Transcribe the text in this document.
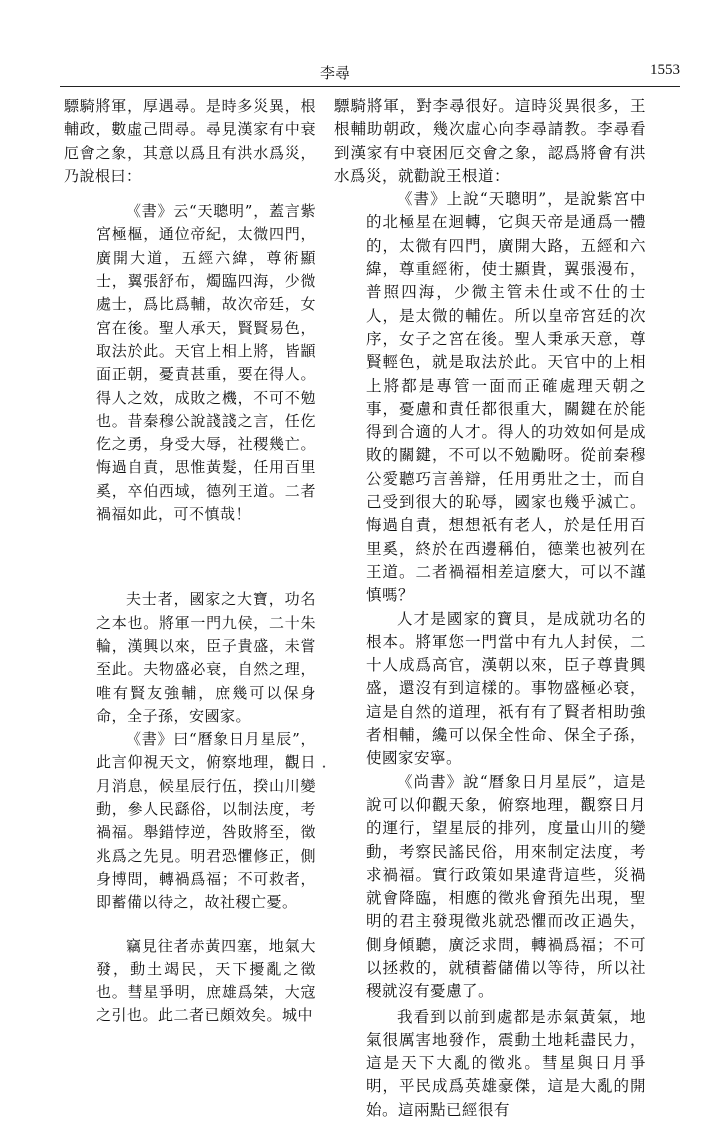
李尋	1553

驃騎將軍，厚遇尋。是時多災異，根輔政，數虛己問尋。尋見漢家有中衰厄會之象，其意以爲且有洪水爲災，乃說根曰：

《書》云“天聰明”，蓋言紫宮極樞，通位帝紀，太微四門，廣開大道，五經六緯，尊術顯士，翼張舒布，燭臨四海，少微處士，爲比爲輔，故次帝廷，女宮在後。聖人承天，賢賢易色，取法於此。天官上相上將，皆顓面正朝，憂責甚重，要在得人。得人之效，成敗之機，不可不勉也。昔秦穆公說諓諓之言，任仡仡之勇，身受大辱，社稷幾亡。悔過自責，思惟黃髮，任用百里奚，卒伯西域，德列王道。二者禍福如此，可不慎哉！

夫士者，國家之大寶，功名之本也。將軍一門九侯，二十朱輪，漢興以來，臣子貴盛，未嘗至此。夫物盛必衰，自然之理，唯有賢友強輔，庶幾可以保身命，全子孫，安國家。

《書》曰“曆象日月星辰”，此言仰視天文，俯察地理，觀日月消息，候星辰行伍，揆山川變動，參人民繇俗，以制法度，考禍福。舉錯悖逆，咎敗將至，徵兆爲之先見。明君恐懼修正，側身博問，轉禍爲福；不可救者，即蓄備以待之，故社稷亡憂。

竊見往者赤黃四塞，地氣大發，動土竭民，天下擾亂之徵也。彗星爭明，庶雄爲桀，大寇之引也。此二者已頗效矣。城中

驃騎將軍，對李尋很好。這時災異很多，王根輔助朝政，幾次虛心向李尋請教。李尋看到漢家有中衰困厄交會之象，認爲將會有洪水爲災，就勸說王根道：

《書》上說“天聰明”，是說紫宮中的北極星在迴轉，它與天帝是通爲一體的，太微有四門，廣開大路，五經和六緯，尊重經術，使士顯貴，翼張漫布，普照四海，少微主管未仕或不仕的士人，是太微的輔佐。所以皇帝宮廷的次序，女子之宮在後。聖人秉承天意，尊賢輕色，就是取法於此。天官中的上相上將都是專管一面而正確處理天朝之事，憂慮和責任都很重大，關鍵在於能得到合適的人才。得人的功效如何是成敗的關鍵，不可以不勉勵呀。從前秦穆公愛聽巧言善辯，任用勇壯之士，而自己受到很大的恥辱，國家也幾乎滅亡。悔過自責，想想祇有老人，於是任用百里奚，終於在西邊稱伯，德業也被列在王道。二者禍福相差這麼大，可以不謹慎嗎？

人才是國家的寶貝，是成就功名的根本。將軍您一門當中有九人封侯，二十人成爲高官，漢朝以來，臣子尊貴興盛，還沒有到這樣的。事物盛極必衰，這是自然的道理，祇有有了賢者相助強者相輔，纔可以保全性命、保全子孫，使國家安寧。

《尚書》說“曆象日月星辰”，這是說可以仰觀天象，俯察地理，觀察日月的運行，望星辰的排列，度量山川的變動，考察民謠民俗，用來制定法度，考求禍福。實行政策如果違背這些，災禍就會降臨，相應的徵兆會預先出現，聖明的君主發現徵兆就恐懼而改正過失，側身傾聽，廣泛求問，轉禍爲福；不可以拯救的，就積蓄儲備以等待，所以社稷就沒有憂慮了。

我看到以前到處都是赤氣黃氣，地氣很厲害地發作，震動土地耗盡民力，這是天下大亂的徵兆。彗星與日月爭明，平民成爲英雄豪傑，這是大亂的開始。這兩點已經很有

・
